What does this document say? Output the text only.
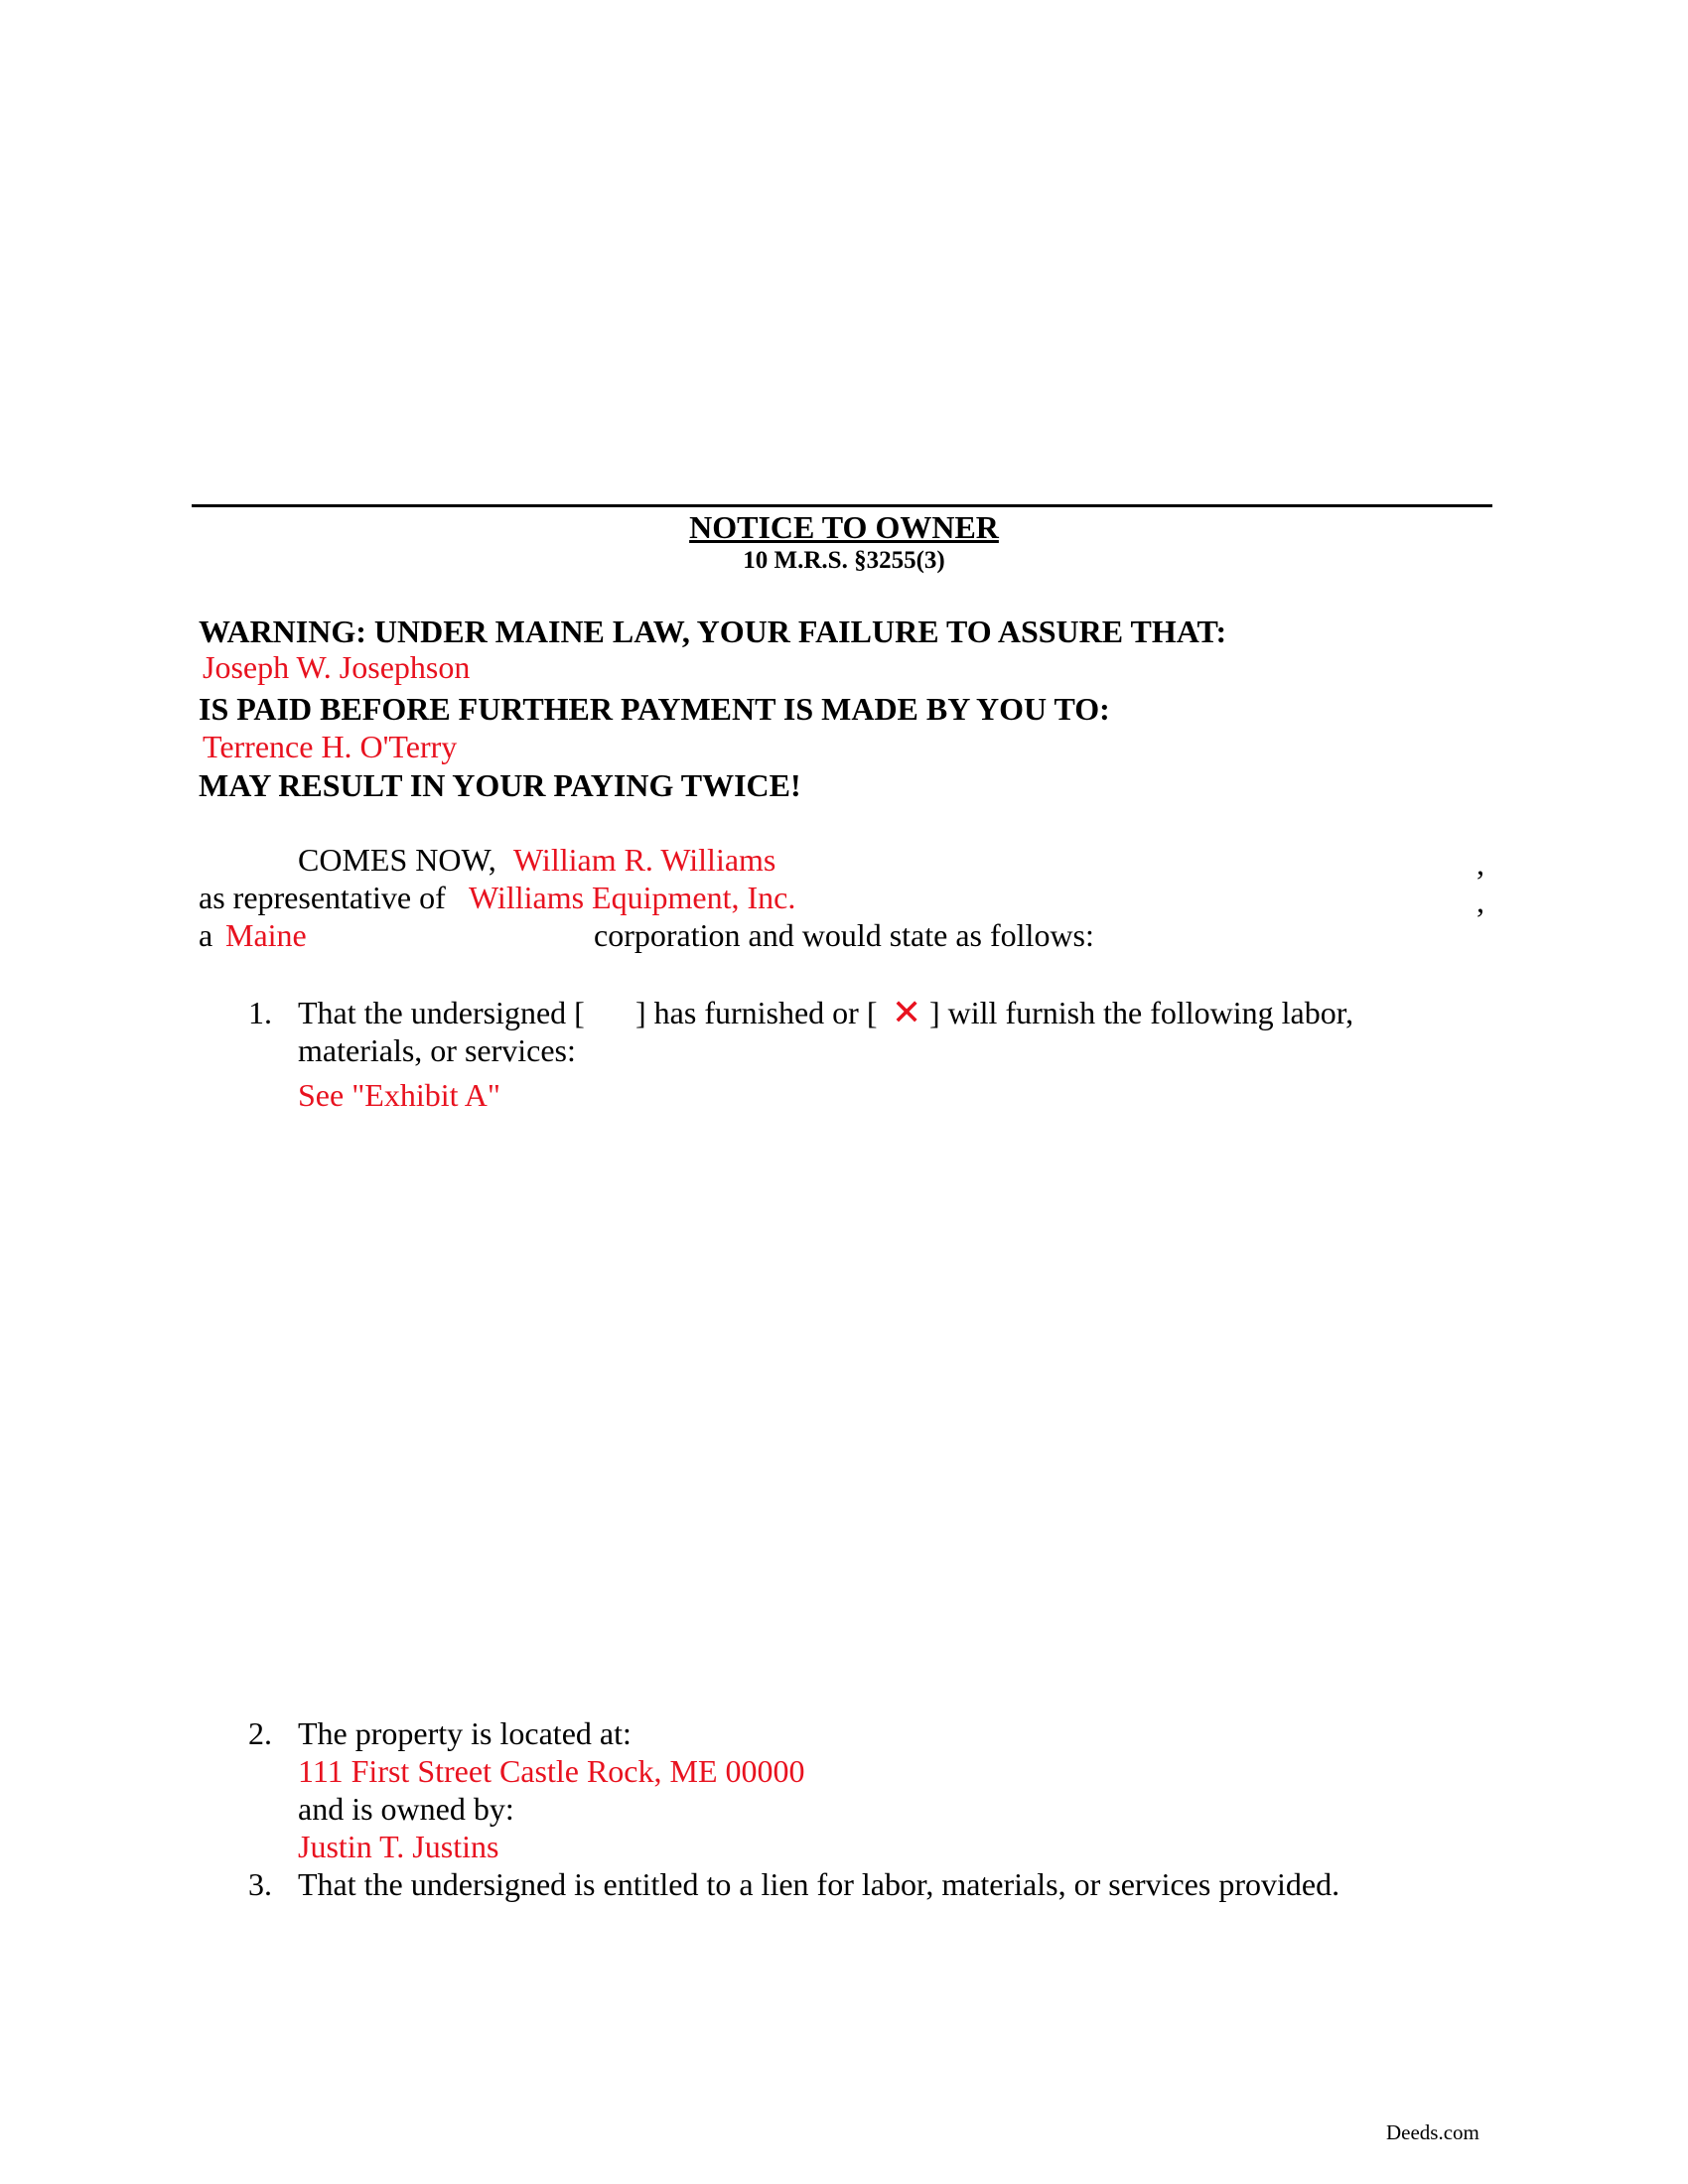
NOTICE TO OWNER
10 M.R.S. §3255(3)
WARNING: UNDER MAINE LAW, YOUR FAILURE TO ASSURE THAT:
Joseph W. Josephson
IS PAID BEFORE FURTHER PAYMENT IS MADE BY YOU TO:
Terrence H. O'Terry
MAY RESULT IN YOUR PAYING TWICE!
COMES NOW, William R. Williams	,
as representative of Williams Equipment, Inc.	,
a Maine	corporation and would state as follows:
1. That the undersigned [ ] has furnished or [ ✕ ] will furnish the following labor,
materials, or services:
See "Exhibit A"
2. The property is located at:
111 First Street Castle Rock, ME 00000
and is owned by:
Justin T. Justins
3. That the undersigned is entitled to a lien for labor, materials, or services provided.
Deeds.com
